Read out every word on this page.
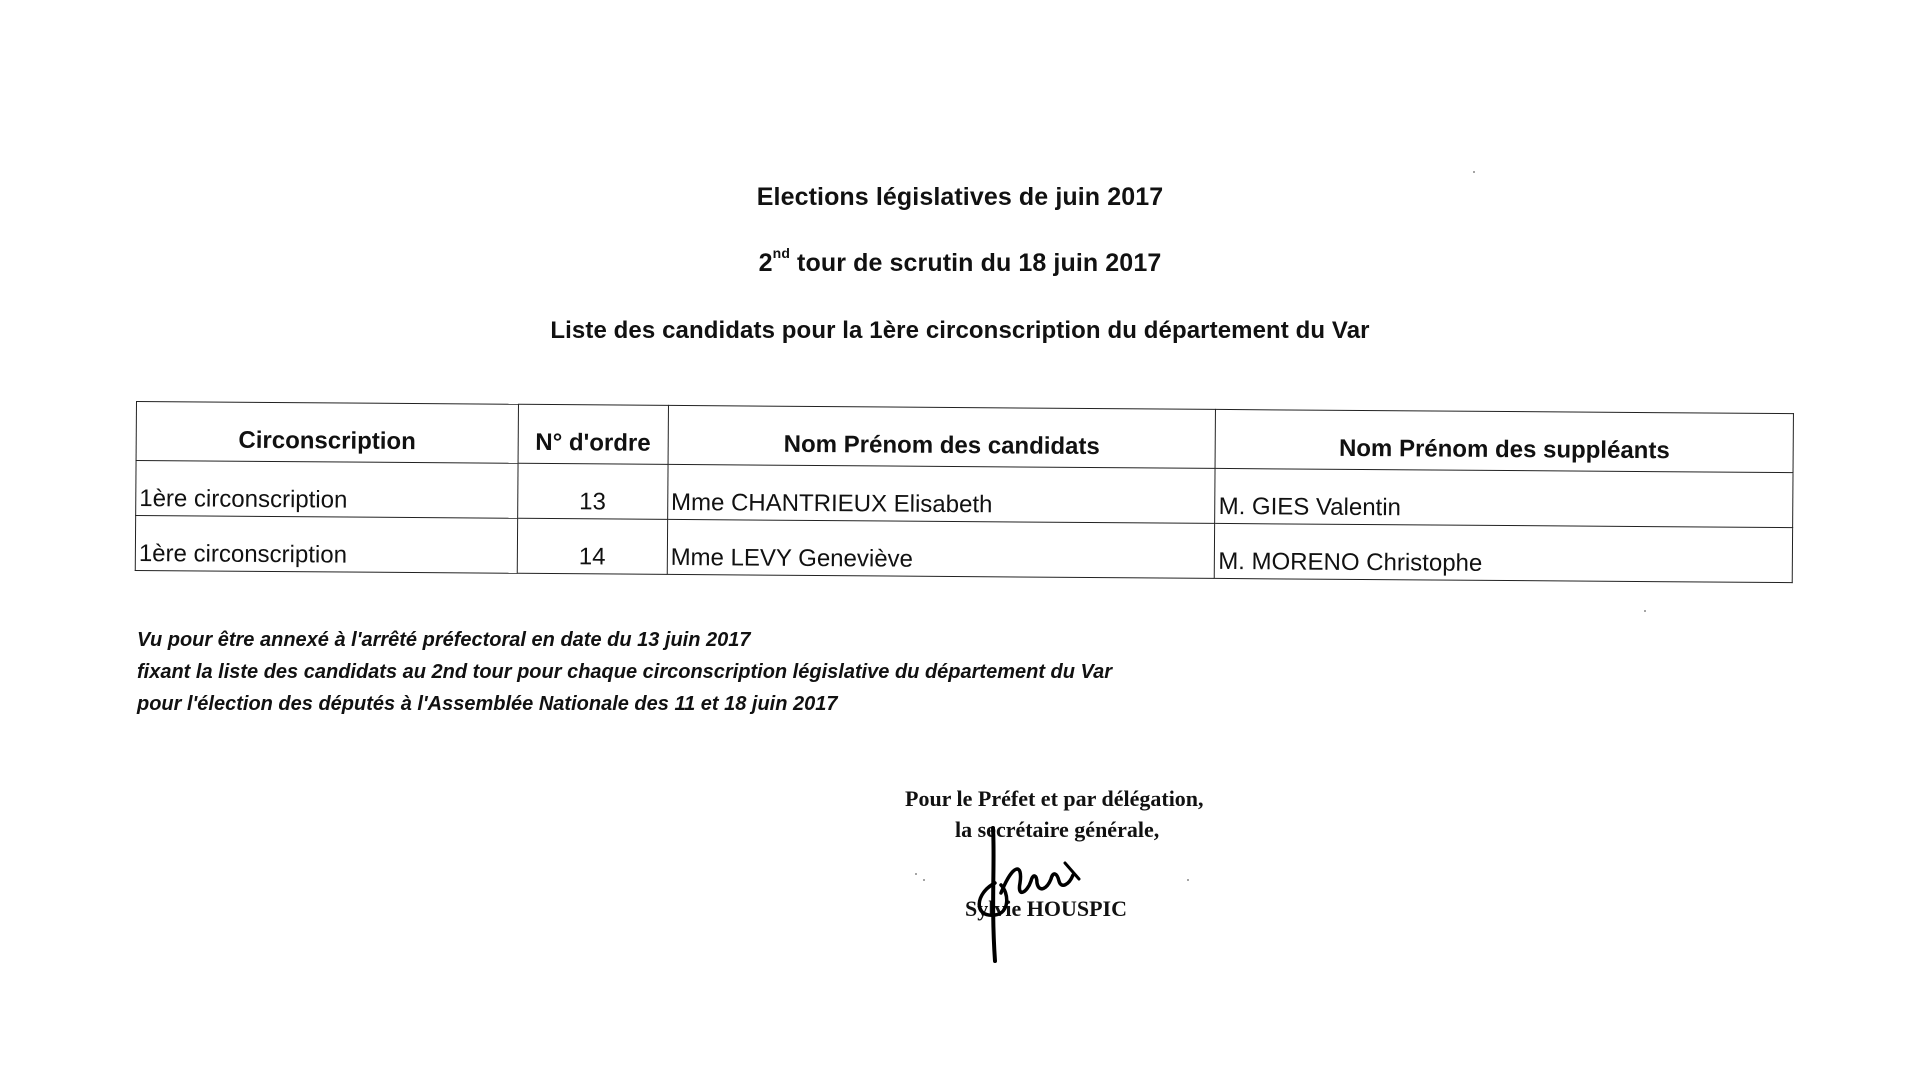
Elections législatives de juin 2017
2nd tour de scrutin du 18 juin 2017
Liste des candidats pour la 1ère circonscription du département du Var
Circonscription	N° d'ordre	Nom Prénom des candidats	Nom Prénom des suppléants
1ère circonscription	13	Mme CHANTRIEUX Elisabeth	M. GIES Valentin
1ère circonscription	14	Mme LEVY Geneviève	M. MORENO Christophe
Vu pour être annexé à l'arrêté préfectoral en date du 13 juin 2017
fixant la liste des candidats au 2nd tour pour chaque circonscription législative du département du Var
pour l'élection des députés à l'Assemblée Nationale des 11 et 18 juin 2017
Pour le Préfet et par délégation,
la secrétaire générale,
Sylvie HOUSPIC
